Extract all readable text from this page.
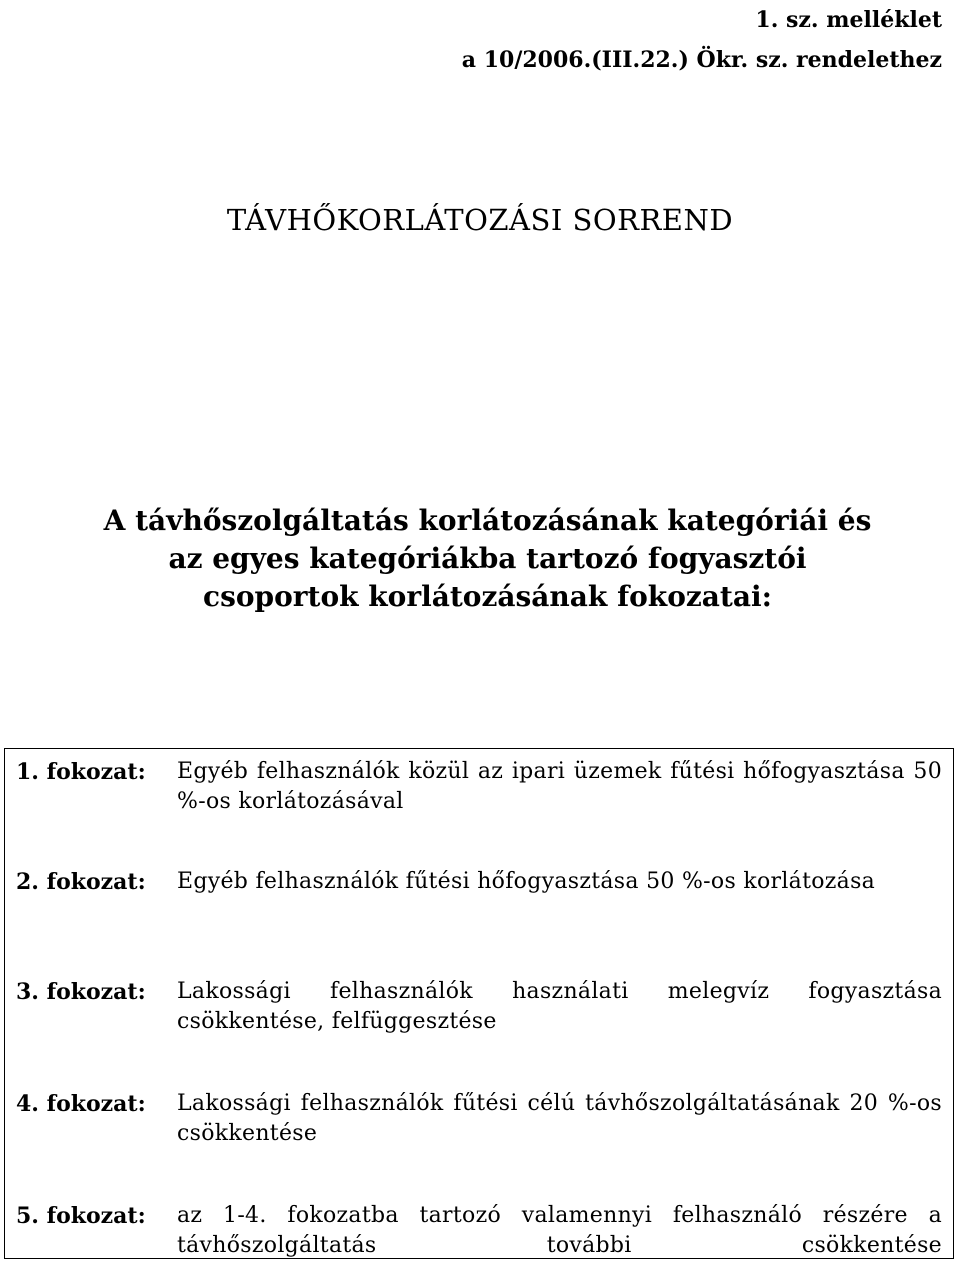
1. sz. melléklet
a 10/2006.(III.22.) Ökr. sz. rendelethez
TÁVHŐKORLÁTOZÁSI SORREND
A távhőszolgáltatás korlátozásának kategóriái és
az egyes kategóriákba tartozó fogyasztói
csoportok korlátozásának fokozatai:
1. fokozat:	Egyéb felhasználók közül az ipari üzemek fűtési hőfogyasztása 50 %-os korlátozásával
2. fokozat:	Egyéb felhasználók fűtési hőfogyasztása 50 %-os korlátozása
3. fokozat:	Lakossági felhasználók használati melegvíz fogyasztása csökkentése, felfüggesztése
4. fokozat:	Lakossági felhasználók fűtési célú távhőszolgáltatásának 20 %-os csökkentése
5. fokozat:	az 1-4. fokozatba tartozó valamennyi felhasználó részére a távhőszolgáltatás további csökkentése
